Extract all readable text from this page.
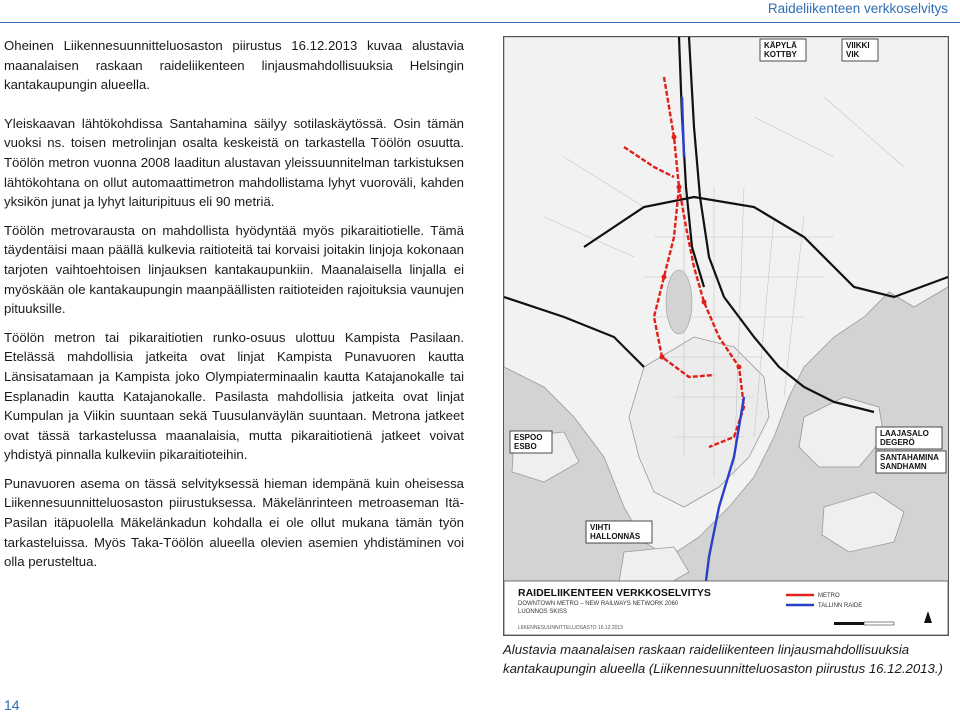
Raideliikenteen verkkoselvitys

Oheinen Liikennesuunnitteluosaston piirustus 16.12.2013 kuvaa alustavia maanalaisen raskaan raideliikenteen linjausmahdollisuuksia Helsingin kantakaupungin alueella.

Yleiskaavan lähtökohdissa Santahamina säilyy sotilaskäytössä. Osin tämän vuoksi ns. toisen metrolinjan osalta keskeistä on tarkastella Töölön osuutta. Töölön metron vuonna 2008 laaditun alustavan yleissuunnitelman tarkistuksen lähtökohtana on ollut automaattimetron mahdollistama lyhyt vuoroväli, kahden yksikön junat ja lyhyt laituripituus eli 90 metriä.

Töölön metrovarausta on mahdollista hyödyntää myös pikaraitiotielle. Tämä täydentäisi maan päällä kulkevia raitioteitä tai korvaisi joitakin linjoja kokonaan tarjoten vaihtoehtoisen linjauksen kantakaupunkiin. Maanalaisella linjalla ei myöskään ole kantakaupungin maanpäällisten raitioteiden rajoituksia vaunujen pituuksille.

Töölön metron tai pikaraitiotien runko-osuus ulottuu Kampista Pasilaan. Etelässä mahdollisia jatkeita ovat linjat Kampista Punavuoren kautta Länsisatamaan ja Kampista joko Olympiaterminaalin kautta Katajanokalle tai Esplanadin kautta Katajanokalle. Pasilasta mahdollisia jatkeita ovat linjat Kumpulan ja Viikin suuntaan sekä Tuusulanväylän suuntaan. Metrona jatkeet ovat tässä tarkastelussa maanalaisia, mutta pikaraitiotienä jatkeet voivat yhdistyä pinnalla kulkeviin pikaraitioteihin.

Punavuoren asema on tässä selvityksessä hieman idempänä kuin oheisessa Liikennesuunnitteluosaston piirustuksessa. Mäkelänrinteen metroaseman Itä-Pasilan itäpuolella Mäkelänkadun kohdalla ei ole ollut mukana tämän työn tarkasteluissa. Myös Taka-Töölön alueella olevien asemien yhdistäminen voi olla perusteltua.

KÄPYLÄ
KOTTBY
VIIKKI
VIK
LAAJASALO
DEGERÖ
SANTAHAMINA
SANDHAMN
ESPOO
ESBO
VIHTI
HALLONNÄS
RAIDELIIKENTEEN VERKKOSELVITYS
DOWNTOWN METRO – NEW RAILWAYS NETWORK 2060
LUONNOS SKISS
METRO
TALLINN RAIDE
LIIKENNESUUNNITTELUOSASTO 16.12.2013
Alustavia maanalaisen raskaan raideliikenteen linjausmahdollisuuksia kantakaupungin alueella (Liikennesuunnitteluosaston piirustus 16.12.2013.)
14
